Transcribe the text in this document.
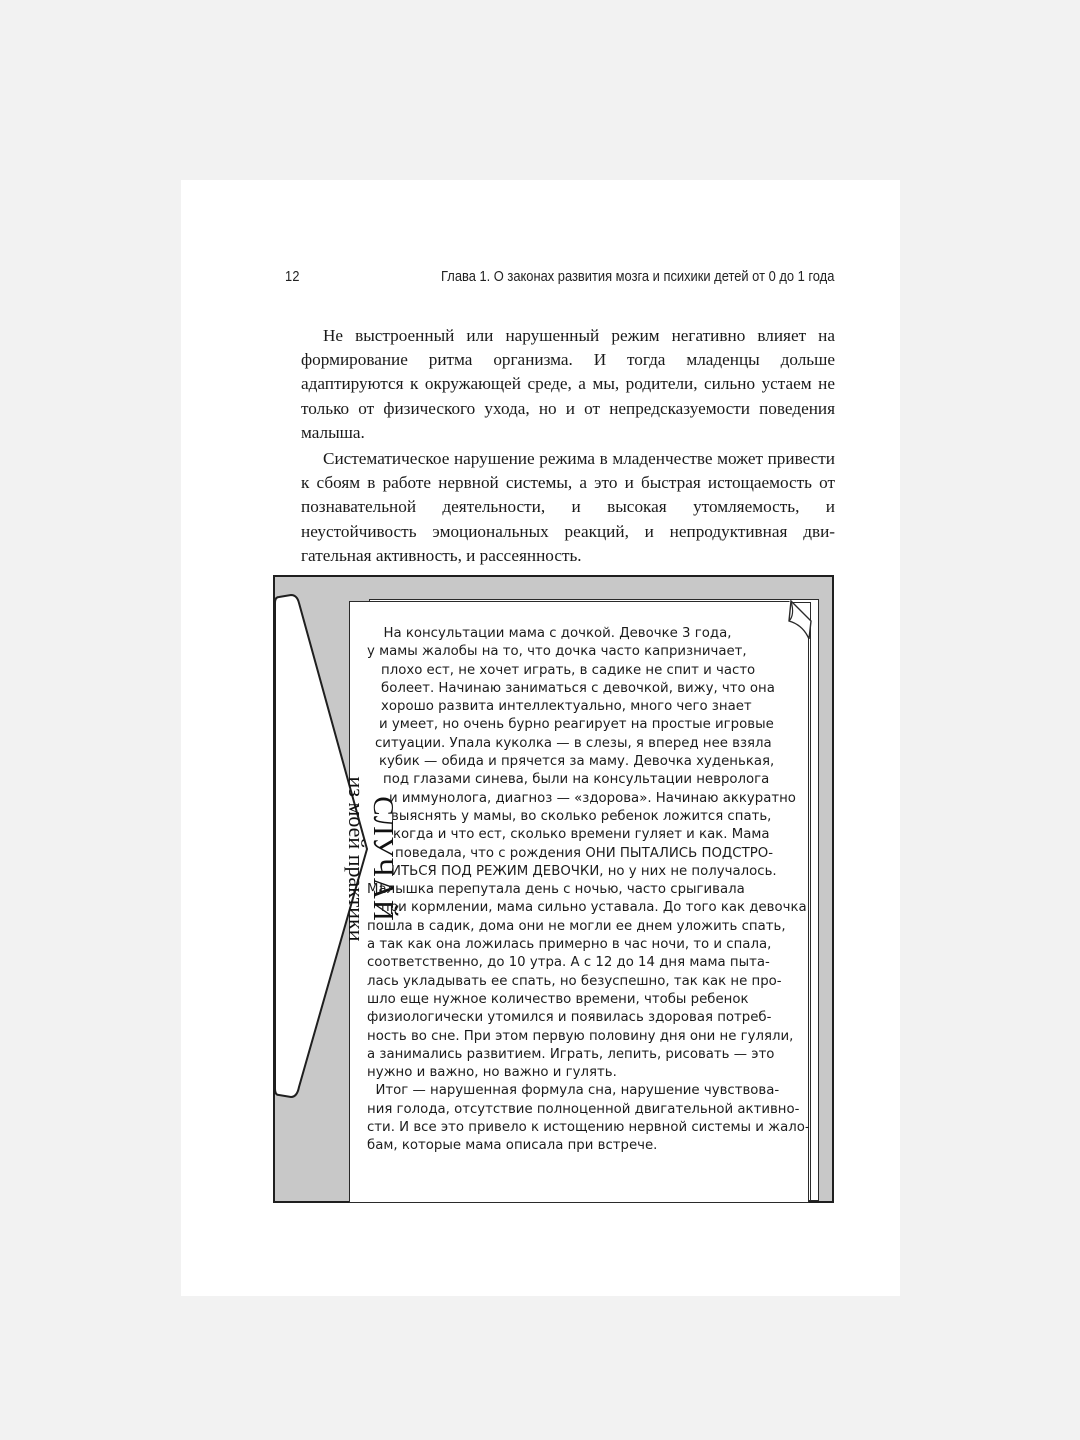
12	Глава 1. О законах развития мозга и психики детей от 0 до 1 года

Не выстроенный или нарушенный режим негативно влияет на формирование ритма организма. И тогда младенцы дольше адаптируются к окружающей среде, а мы, родители, сильно устаем не только от физического ухода, но и от непредсказуемости поведения малыша.

Систематическое нарушение режима в младенчестве может привести к сбоям в работе нервной системы, а это и быстрая истощаемость от познавательной деятельности, и высокая утомляемость, и неустойчивость эмоциональных реакций, и непродуктивная двигательная активность, и рассеянность.

СЛУЧАЙ
из моей практики
На консультации мама с дочкой. Девочке 3 года,
у мамы жалобы на то, что дочка часто капризничает,
плохо ест, не хочет играть, в садике не спит и часто
болеет. Начинаю заниматься с девочкой, вижу, что она
хорошо развита интеллектуально, много чего знает
и умеет, но очень бурно реагирует на простые игровые
ситуации. Упала куколка — в слезы, я вперед нее взяла
кубик — обида и прячется за маму. Девочка худенькая,
под глазами синева, были на консультации невролога
и иммунолога, диагноз — «здорова». Начинаю аккуратно
выяснять у мамы, во сколько ребенок ложится спать,
когда и что ест, сколько времени гуляет и как. Мама
поведала, что с рождения ОНИ ПЫТАЛИСЬ ПОДСТРО-
ИТЬСЯ ПОД РЕЖИМ ДЕВОЧКИ, но у них не получалось.
Малышка перепутала день с ночью, часто срыгивала
при кормлении, мама сильно уставала. До того как девочка
пошла в садик, дома они не могли ее днем уложить спать,
а так как она ложилась примерно в час ночи, то и спала,
соответственно, до 10 утра. А с 12 до 14 дня мама пыта-
лась укладывать ее спать, но безуспешно, так как не про-
шло еще нужное количество времени, чтобы ребенок
физиологически утомился и появилась здоровая потреб-
ность во сне. При этом первую половину дня они не гуляли,
а занимались развитием. Играть, лепить, рисовать — это
нужно и важно, но важно и гулять.
Итог — нарушенная формула сна, нарушение чувствова-
ния голода, отсутствие полноценной двигательной активно-
сти. И все это привело к истощению нервной системы и жало-
бам, которые мама описала при встрече.
